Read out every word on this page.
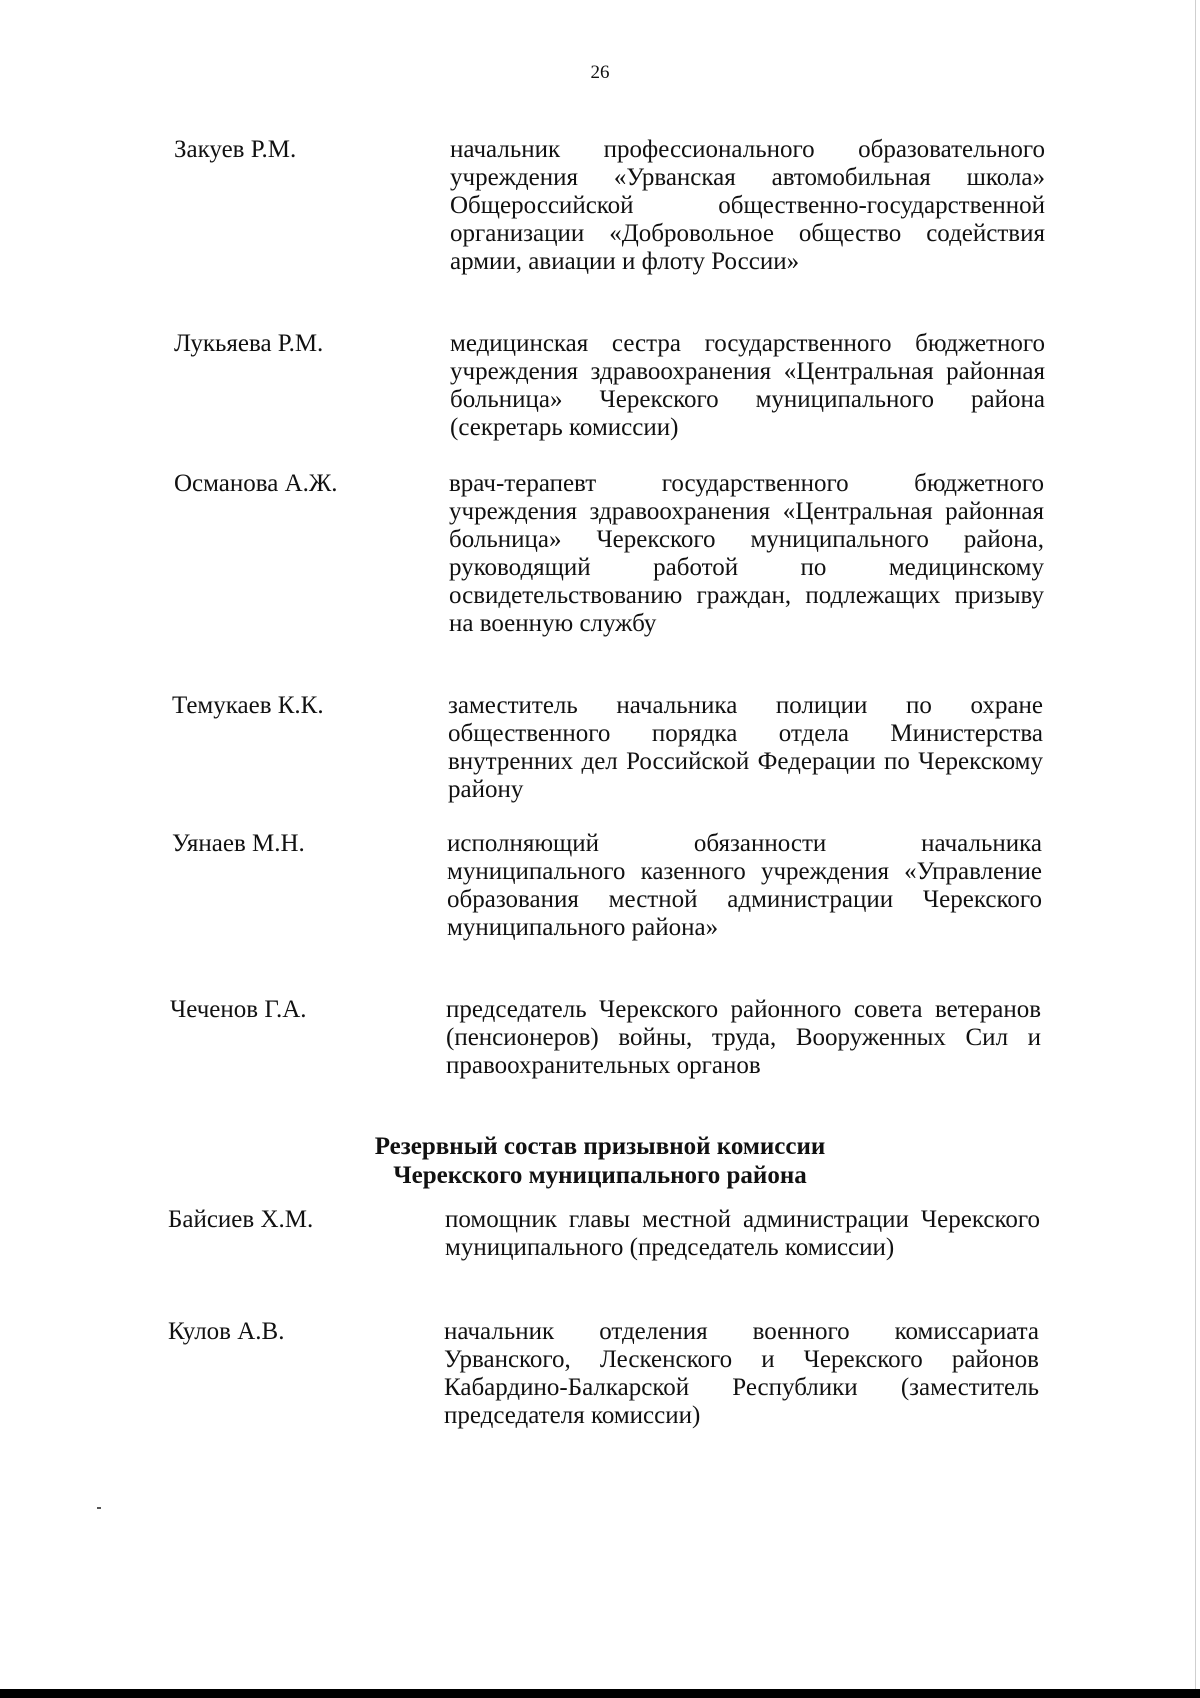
26
Закуев Р.М.	начальник профессионального образовательного учреждения «Урванская автомобильная школа» Общероссийской общественно-государственной организации «Добровольное общество содействия армии, авиации и флоту России»
Лукьяева Р.М.	медицинская сестра государственного бюджетного учреждения здравоохранения «Центральная районная больница» Черекского муниципального района (секретарь комиссии)
Османова А.Ж.	врач-терапевт государственного бюджетного учреждения здравоохранения «Центральная районная больница» Черекского муниципального района, руководящий работой по медицинскому освидетельствованию граждан, подлежащих призыву на военную службу
Темукаев К.К.	заместитель начальника полиции по охране общественного порядка отдела Министерства внутренних дел Российской Федерации по Черекскому району
Уянаев М.Н.	исполняющий обязанности начальника муниципального казенного учреждения «Управление образования местной администрации Черекского муниципального района»
Чеченов Г.А.	председатель Черекского районного совета ветеранов (пенсионеров) войны, труда, Вооруженных Сил и правоохранительных органов
Резервный состав призывной комиссии
Черекского муниципального района
Байсиев Х.М.	помощник главы местной администрации Черекского муниципального (председатель комиссии)
Кулов А.В.	начальник отделения военного комиссариата Урванского, Лескенского и Черекского районов Кабардино-Балкарской Республики (заместитель председателя комиссии)
